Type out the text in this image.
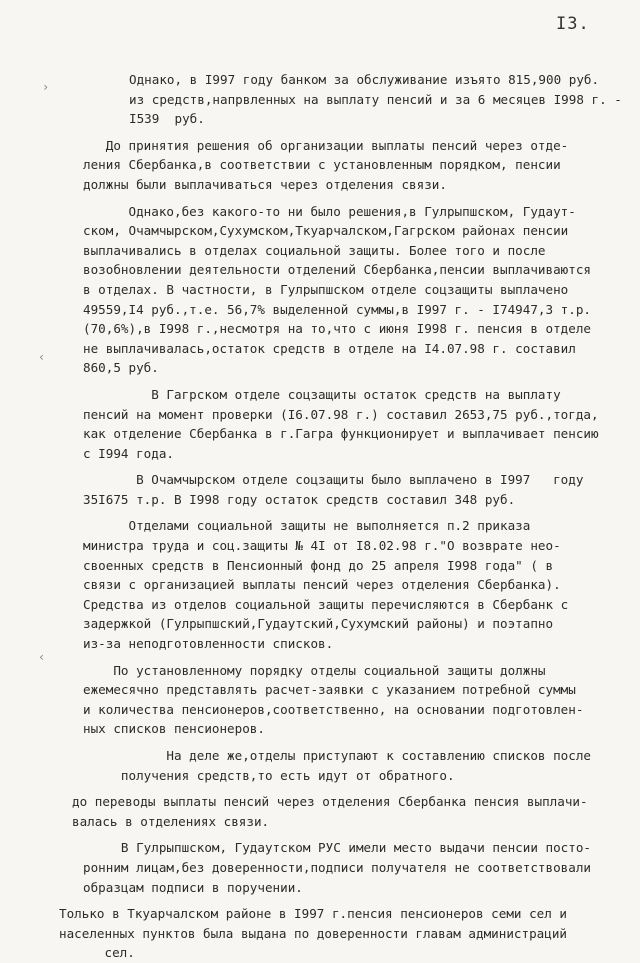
I3.
›
‹
‹
Однако, в I997 году банком за обслуживание изъято 815,900 руб.
из средств,напрвленных на выплату пенсий и за 6 месяцев I998 г. -
I539  руб.
До принятия решения об организации выплаты пенсий через отде-
ления Сбербанка,в соответствии с установленным порядком, пенсии
должны были выплачиваться через отделения связи.
Однако,без какого-то ни было решения,в Гулрыпшском, Гудаут-
ском, Очамчырском,Сухумском,Ткуарчалском,Гагрском районах пенсии
выплачивались в отделах социальной защиты. Более того и после
возобновлении деятельности отделений Сбербанка,пенсии выплачиваются
в отделах. В частности, в Гулрыпшском отделе соцзащиты выплачено
49559,I4 руб.,т.е. 56,7% выделенной суммы,в I997 г. - I74947,3 т.р.
(70,6%),в I998 г.,несмотря на то,что с июня I998 г. пенсия в отделе
не выплачивалась,остаток средств в отделе на I4.07.98 г. составил
860,5 руб.
В Гагрском отделе соцзащиты остаток средств на выплату
пенсий на момент проверки (I6.07.98 г.) составил 2653,75 руб.,тогда,
как отделение Сбербанка в г.Гагра функционирует и выплачивает пенсию
с I994 года.
В Очамчырском отделе соцзащиты было выплачено в I997   году
35I675 т.р. В I998 году остаток средств составил 348 руб.
Отделами социальной защиты не выполняется п.2 приказа
министра труда и соц.защиты № 4I от I8.02.98 г."О возврате нео-
своенных средств в Пенсионный фонд до 25 апреля I998 года" ( в
связи с организацией выплаты пенсий через отделения Сбербанка).
Средства из отделов социальной защиты перечисляются в Сбербанк с
задержкой (Гулрыпшский,Гудаутский,Сухумский районы) и поэтапно
из-за неподготовленности списков.
По установленному порядку отделы социальной защиты должны
ежемесячно представлять расчет-заявки с указанием потребной суммы
и количества пенсионеров,соответственно, на основании подготовлен-
ных списков пенсионеров.
На деле же,отделы приступают к составлению списков после
получения средств,то есть идут от обратного.
до переводы выплаты пенсий через отделения Сбербанка пенсия выплачи-
валась в отделениях связи.
В Гулрыпшском, Гудаутском РУС имели место выдачи пенсии посто-
ронним лицам,без доверенности,подписи получателя не соответствовали
образцам подписи в поручении.
Только в Ткуарчалском районе в I997 г.пенсия пенсионеров семи сел и
населенных пунктов была выдана по доверенности главам администраций
сел.
